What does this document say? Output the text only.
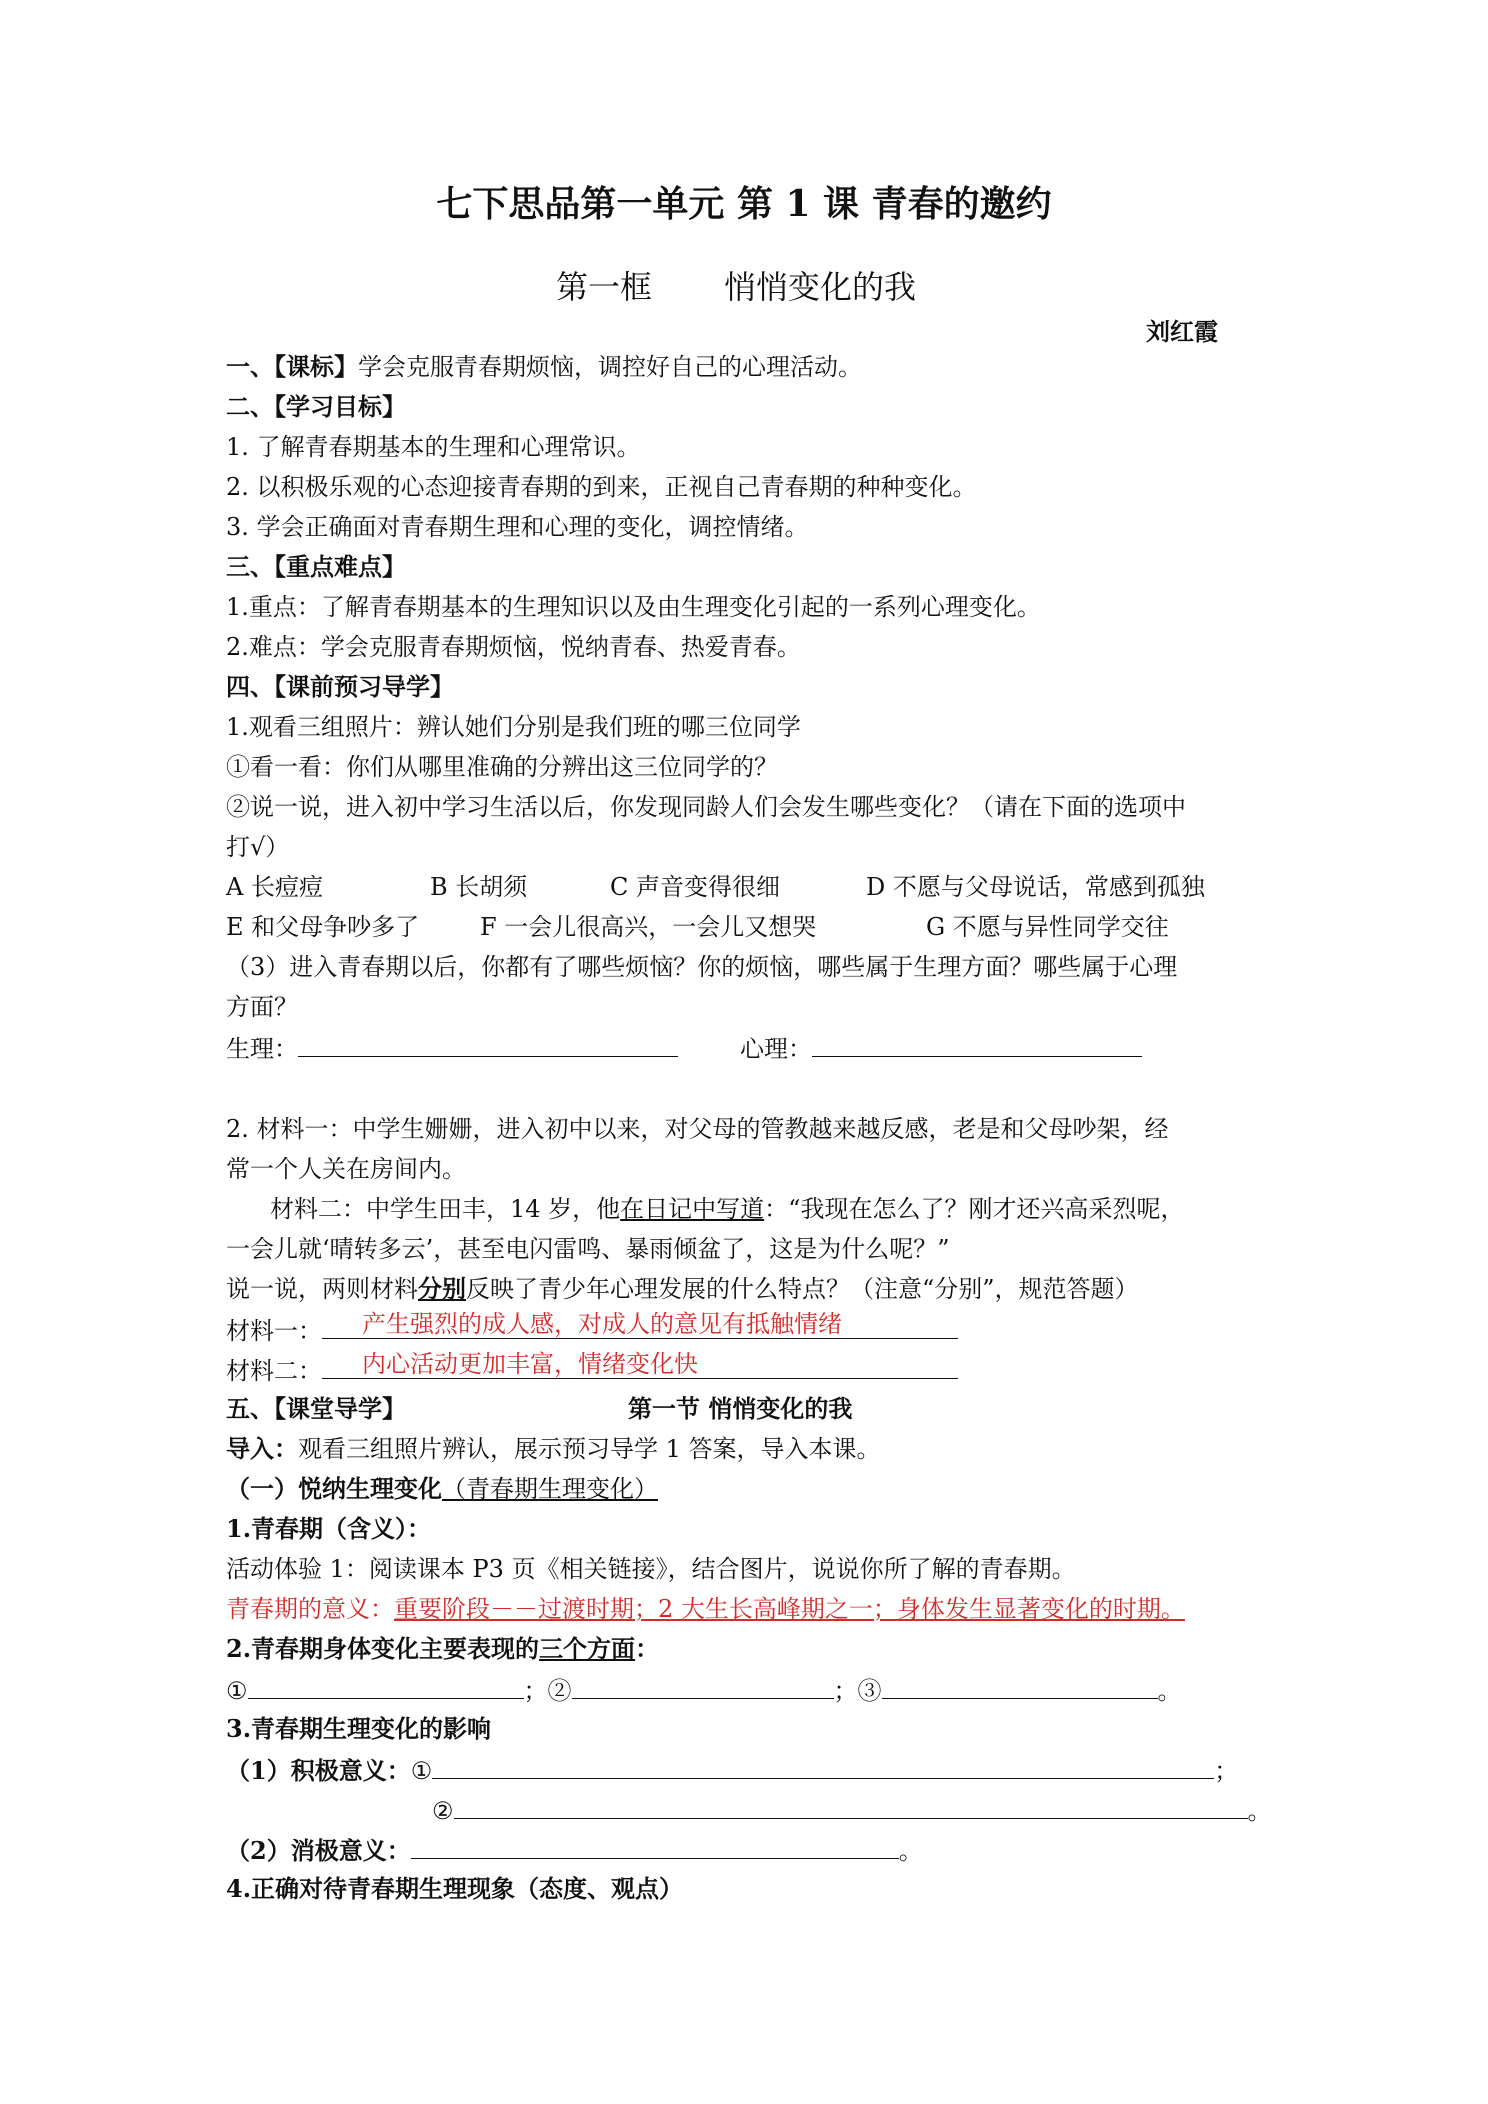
七下思品第一单元 第 1 课 青春的邀约
第一框 悄悄变化的我
刘红霞
一、【课标】学会克服青春期烦恼，调控好自己的心理活动。
二、【学习目标】
1. 了解青春期基本的生理和心理常识。
2. 以积极乐观的心态迎接青春期的到来，正视自己青春期的种种变化。
3. 学会正确面对青春期生理和心理的变化，调控情绪。
三、【重点难点】
1.重点：了解青春期基本的生理知识以及由生理变化引起的一系列心理变化。
2.难点：学会克服青春期烦恼，悦纳青春、热爱青春。
四、【课前预习导学】
1.观看三组照片：辨认她们分别是我们班的哪三位同学
①看一看：你们从哪里准确的分辨出这三位同学的？
②说一说，进入初中学习生活以后，你发现同龄人们会发生哪些变化？（请在下面的选项中
打√）
A 长痘痘	B 长胡须	C 声音变得很细	D 不愿与父母说话，常感到孤独
E 和父母争吵多了	F 一会儿很高兴，一会儿又想哭	G 不愿与异性同学交往
（3）进入青春期以后，你都有了哪些烦恼？你的烦恼，哪些属于生理方面？哪些属于心理
方面？
生理：	心理：
2. 材料一：中学生姗姗，进入初中以来，对父母的管教越来越反感，老是和父母吵架，经
常一个人关在房间内。
材料二：中学生田丰，14 岁，他在日记中写道：“我现在怎么了？刚才还兴高采烈呢，
一会儿就‘晴转多云’，甚至电闪雷鸣、暴雨倾盆了，这是为什么呢？”
说一说，两则材料分别反映了青少年心理发展的什么特点？（注意“分别”，规范答题）
材料一： 产生强烈的成人感，对成人的意见有抵触情绪
材料二： 内心活动更加丰富，情绪变化快
五、【课堂导学】	第一节 悄悄变化的我
导入：观看三组照片辨认，展示预习导学 1 答案，导入本课。
（一）悦纳生理变化（青春期生理变化）
1.青春期（含义）：
活动体验 1：阅读课本 P3 页《相关链接》，结合图片，说说你所了解的青春期。
青春期的意义：重要阶段－－过渡时期；2 大生长高峰期之一；身体发生显著变化的时期。
2.青春期身体变化主要表现的三个方面：
①	；②	；③	。
3.青春期生理变化的影响
（1）积极意义：①	；
②	。
（2）消极意义：	。
4.正确对待青春期生理现象（态度、观点）
